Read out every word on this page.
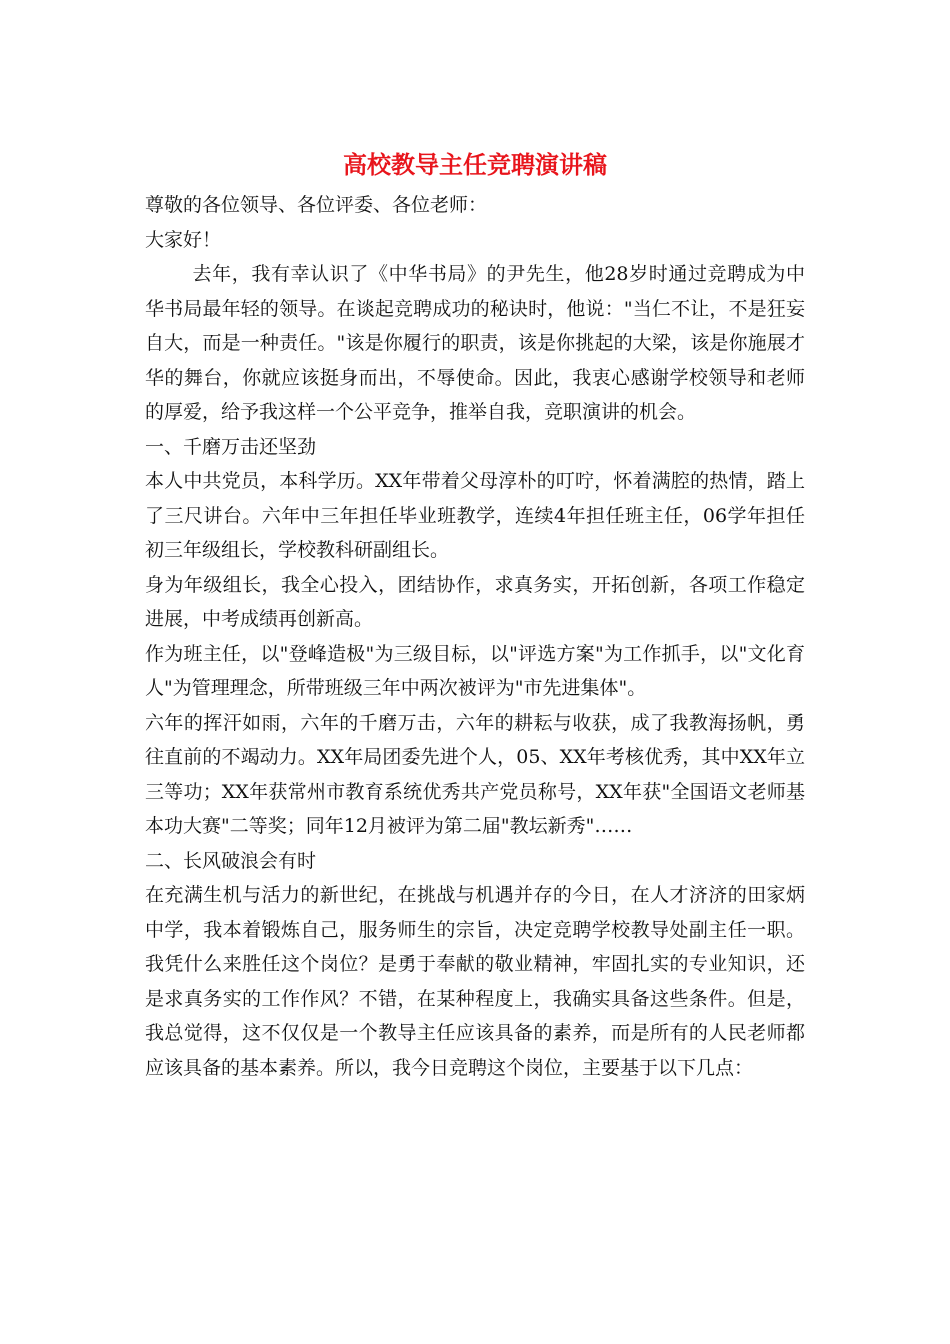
高校教导主任竞聘演讲稿

尊敬的各位领导、各位评委、各位老师：

大家好！

去年，我有幸认识了《中华书局》的尹先生，他28岁时通过竞聘成为中华书局最年轻的领导。在谈起竞聘成功的秘诀时，他说："当仁不让，不是狂妄自大，而是一种责任。"该是你履行的职责，该是你挑起的大梁，该是你施展才华的舞台，你就应该挺身而出，不辱使命。因此，我衷心感谢学校领导和老师的厚爱，给予我这样一个公平竞争，推举自我，竞职演讲的机会。

一、千磨万击还坚劲

本人中共党员，本科学历。XX年带着父母淳朴的叮咛，怀着满腔的热情，踏上了三尺讲台。六年中三年担任毕业班教学，连续4年担任班主任，06学年担任初三年级组长，学校教科研副组长。

身为年级组长，我全心投入，团结协作，求真务实，开拓创新，各项工作稳定进展，中考成绩再创新高。

作为班主任，以"登峰造极"为三级目标，以"评选方案"为工作抓手，以"文化育人"为管理理念，所带班级三年中两次被评为"市先进集体"。

六年的挥汗如雨，六年的千磨万击，六年的耕耘与收获，成了我教海扬帆，勇往直前的不竭动力。XX年局团委先进个人，05、XX年考核优秀，其中XX年立三等功；XX年获常州市教育系统优秀共产党员称号，XX年获"全国语文老师基本功大赛"二等奖；同年12月被评为第二届"教坛新秀"……

二、长风破浪会有时

在充满生机与活力的新世纪，在挑战与机遇并存的今日，在人才济济的田家炳中学，我本着锻炼自己，服务师生的宗旨，决定竞聘学校教导处副主任一职。我凭什么来胜任这个岗位？是勇于奉献的敬业精神，牢固扎实的专业知识，还是求真务实的工作作风？不错，在某种程度上，我确实具备这些条件。但是，我总觉得，这不仅仅是一个教导主任应该具备的素养，而是所有的人民老师都应该具备的基本素养。所以，我今日竞聘这个岗位，主要基于以下几点：
